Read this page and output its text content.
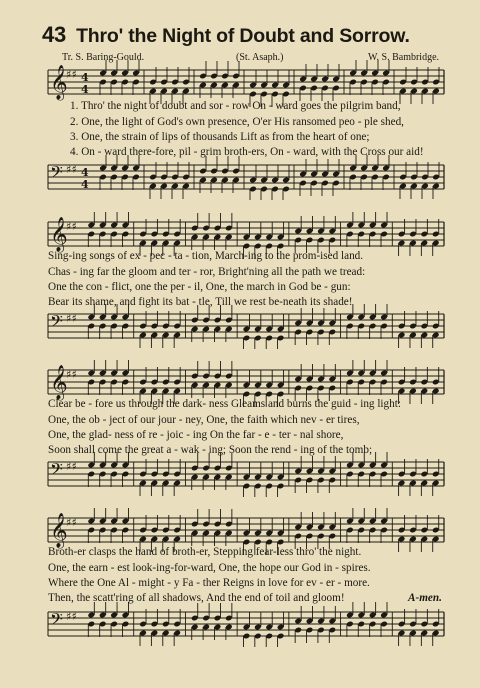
43 Thro' the Night of Doubt and Sorrow.
Tr. S. Baring-Gould.	(St. Asaph.)	W. S. Bambridge.
𝄞
♯♯ 4
4
𝄢 ♯♯ 4
4
𝄞
♯♯
𝄢 ♯♯
𝄞
♯♯
𝄢 ♯♯
𝄞
♯♯
𝄢 ♯♯
1. Thro' the night of doubt and sor - row On - ward goes the pilgrim band,
2. One, the light of God's own presence, O'er His ransomed peo - ple shed,
3. One, the strain of lips of thousands Lift as from the heart of one;
4. On - ward there-fore, pil - grim broth-ers, On - ward, with the Cross our aid!
Sing-ing songs of ex - pec - ta - tion, March-ing to the prom-ised land.
Chas - ing far the gloom and ter - ror, Bright'ning all the path we tread:
One the con - flict, one the per - il, One, the march in God be - gun:
Bear its shame, and fight its bat - tle, Till we rest be-neath its shade!
Clear be - fore us through the dark- ness Gleams and burns the guid - ing light:
One, the ob - ject of our jour - ney, One, the faith which nev - er tires,
One, the glad- ness of re - joic - ing On the far - e - ter - nal shore,
Soon shall come the great a - wak - ing; Soon the rend - ing of the tomb;
Broth-er clasps the hand of broth-er, Stepping fear-less thro' the night.
One, the earn - est look-ing-for-ward, One, the hope our God in - spires.
Where the One Al - might - y Fa - ther Reigns in love for ev - er - more.
Then, the scatt'ring of all shadows, And the end of toil and gloom!	A-men.
